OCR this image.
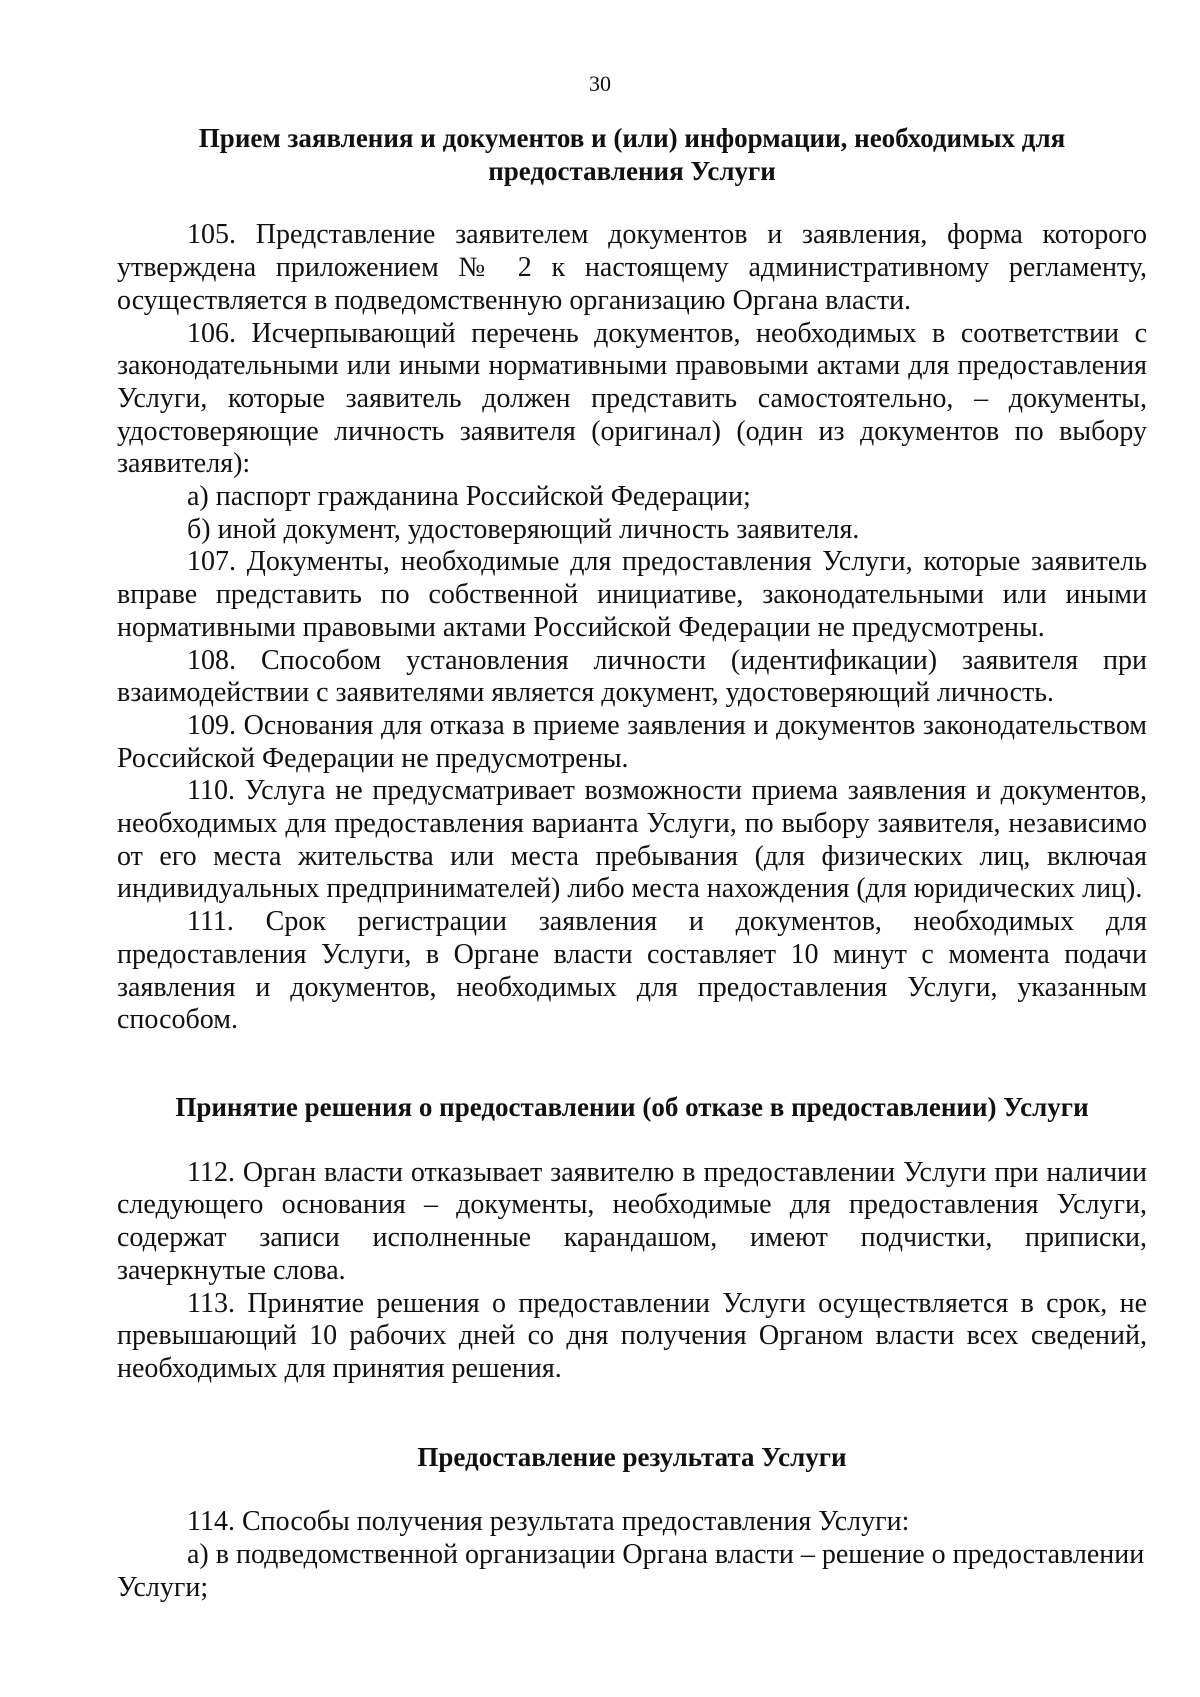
30
Прием заявления и документов и (или) информации, необходимых для предоставления Услуги

105. Представление заявителем документов и заявления, форма которого утверждена приложением № 2 к настоящему административному регламенту, осуществляется в подведомственную организацию Органа власти.

106. Исчерпывающий перечень документов, необходимых в соответствии с законодательными или иными нормативными правовыми актами для предоставления Услуги, которые заявитель должен представить самостоятельно, – документы, удостоверяющие личность заявителя (оригинал) (один из документов по выбору заявителя):

а) паспорт гражданина Российской Федерации;

б) иной документ, удостоверяющий личность заявителя.

107. Документы, необходимые для предоставления Услуги, которые заявитель вправе представить по собственной инициативе, законодательными или иными нормативными правовыми актами Российской Федерации не предусмотрены.

108. Способом установления личности (идентификации) заявителя при взаимодействии с заявителями является документ, удостоверяющий личность.

109. Основания для отказа в приеме заявления и документов законодательством Российской Федерации не предусмотрены.

110. Услуга не предусматривает возможности приема заявления и документов, необходимых для предоставления варианта Услуги, по выбору заявителя, независимо от его места жительства или места пребывания (для физических лиц, включая индивидуальных предпринимателей) либо места нахождения (для юридических лиц).

111. Срок регистрации заявления и документов, необходимых для предоставления Услуги, в Органе власти составляет 10 минут с момента подачи заявления и документов, необходимых для предоставления Услуги, указанным способом.

Принятие решения о предоставлении (об отказе в предоставлении) Услуги

112. Орган власти отказывает заявителю в предоставлении Услуги при наличии следующего основания – документы, необходимые для предоставления Услуги, содержат записи исполненные карандашом, имеют подчистки, приписки, зачеркнутые слова.

113. Принятие решения о предоставлении Услуги осуществляется в срок, не превышающий 10 рабочих дней со дня получения Органом власти всех сведений, необходимых для принятия решения.

Предоставление результата Услуги

114. Способы получения результата предоставления Услуги:

а) в подведомственной организации Органа власти – решение о предоставлении Услуги;
